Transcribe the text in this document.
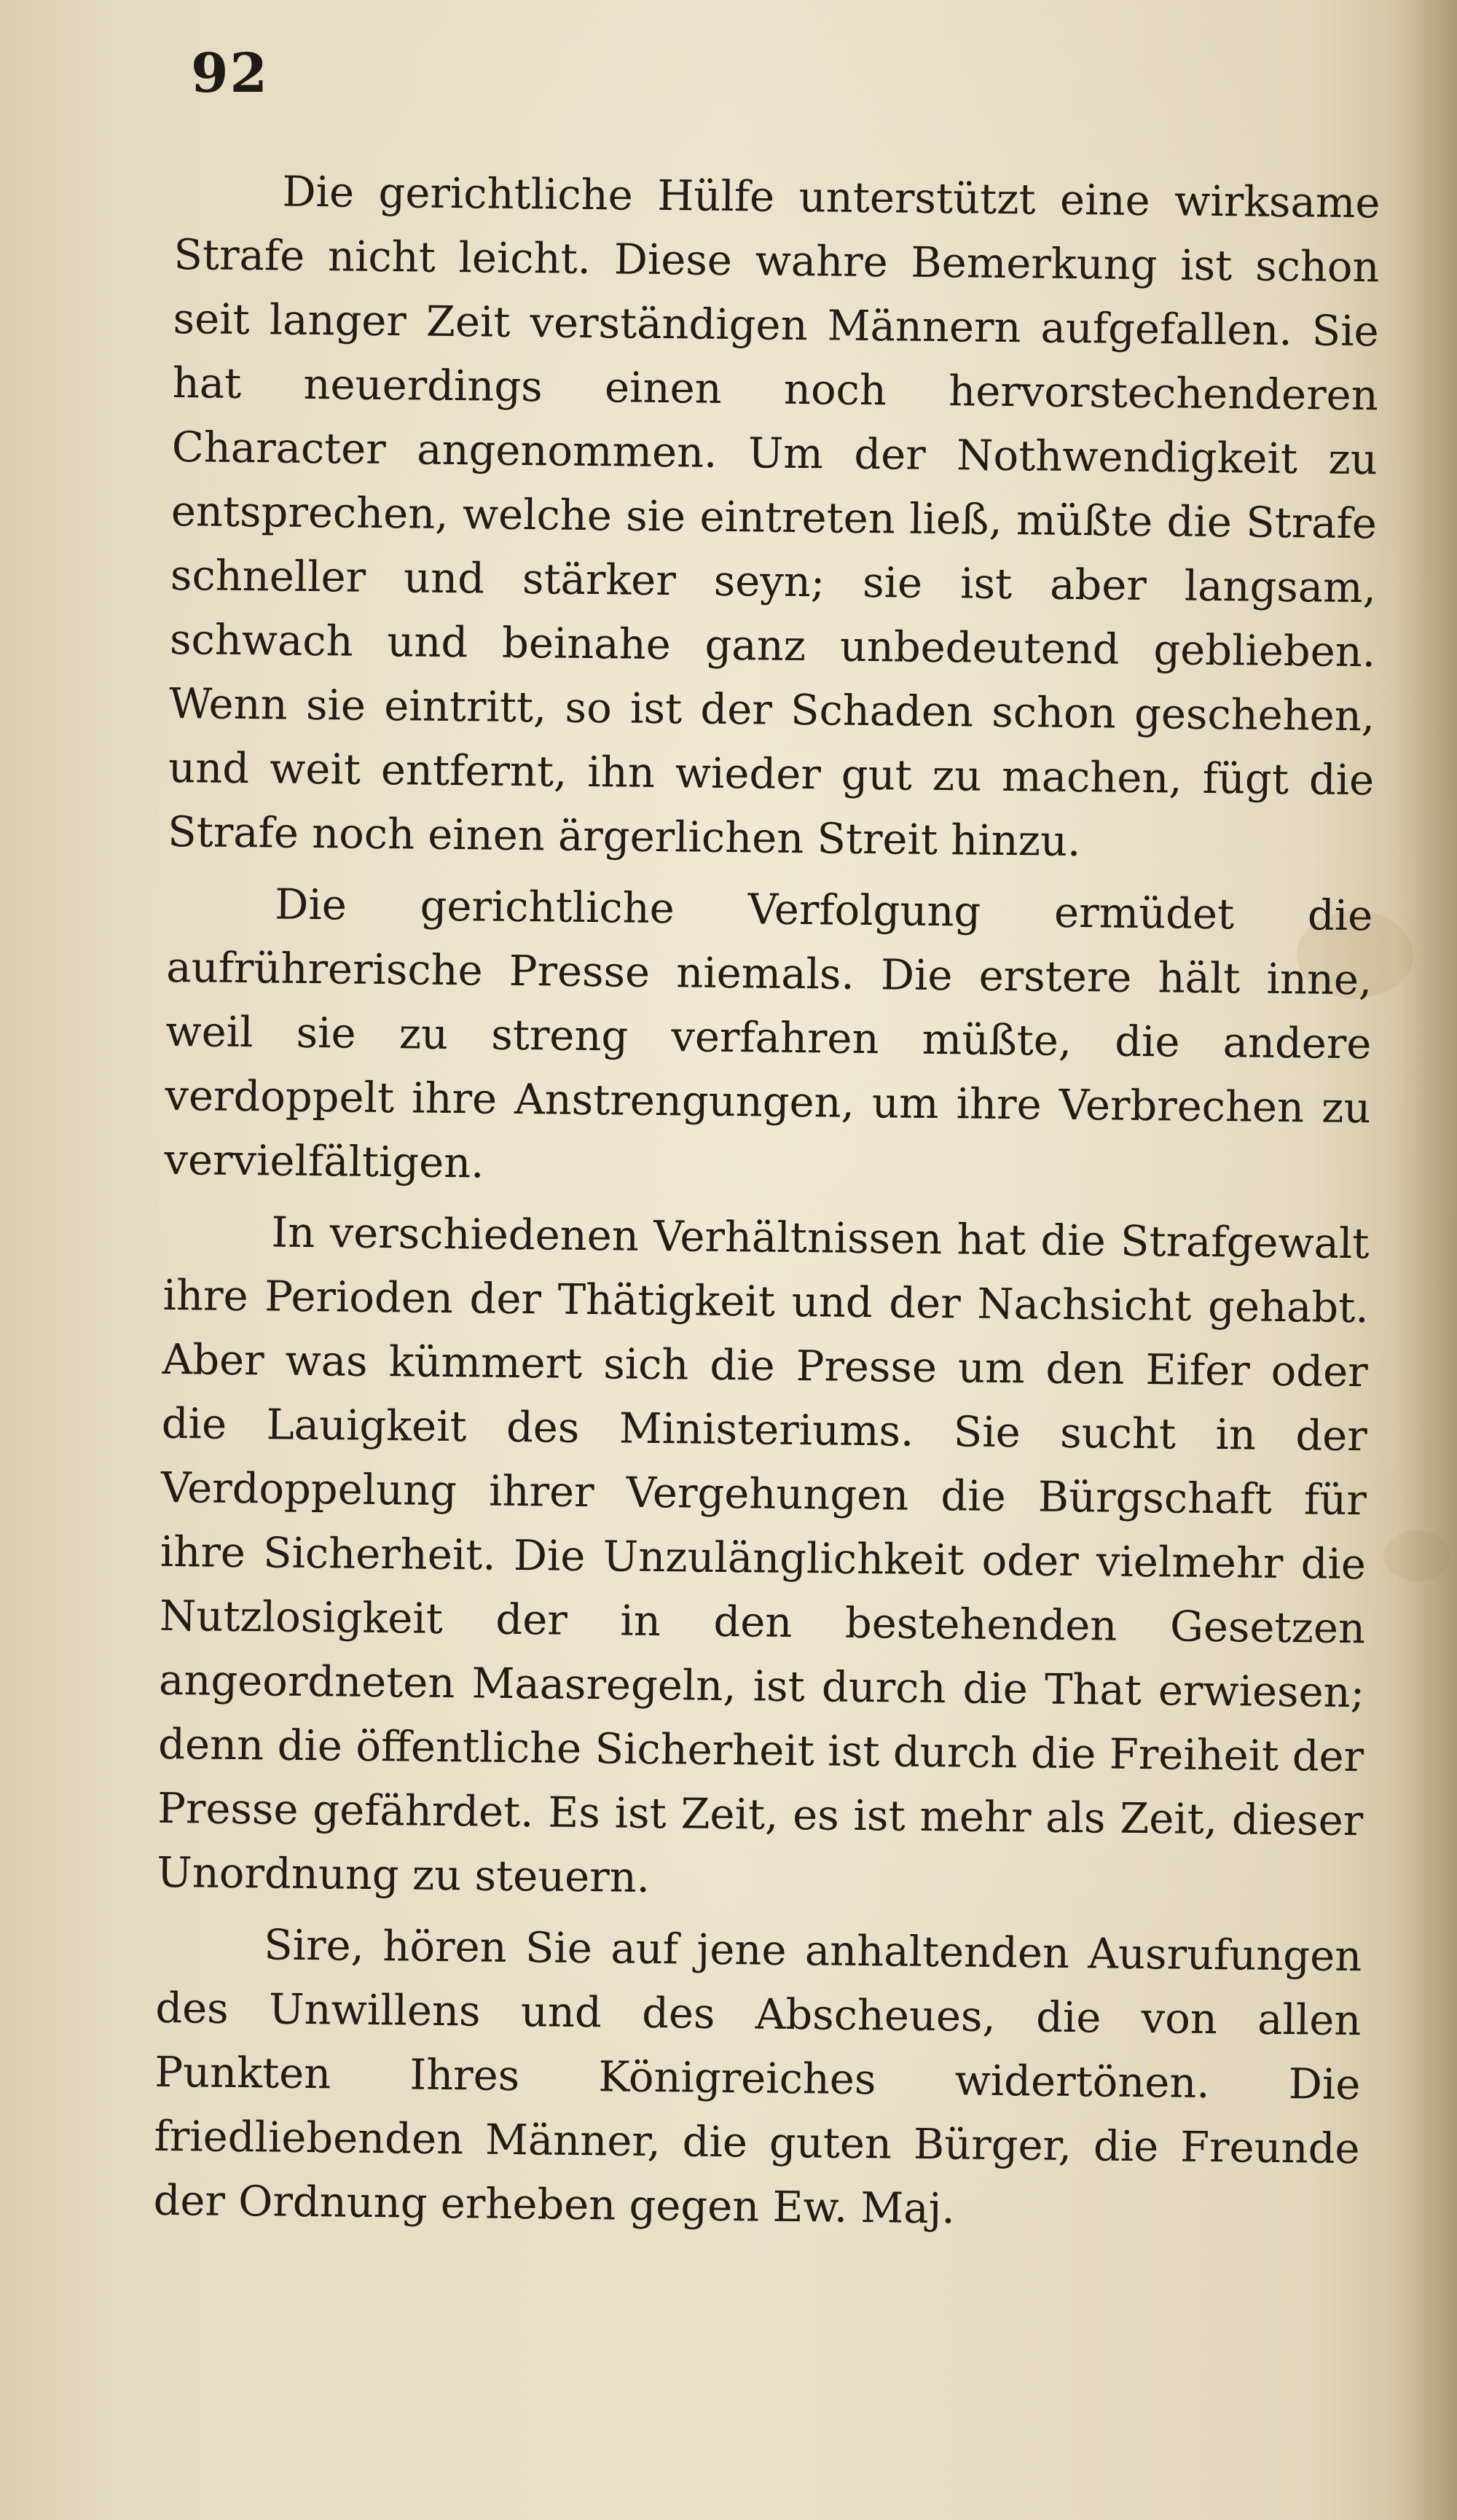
92

Die gerichtliche Hülfe unterstützt eine wirksame Strafe nicht leicht. Diese wahre Bemerkung ist schon seit langer Zeit verständigen Männern aufgefallen. Sie hat neuerdings einen noch hervorstechenderen Character angenommen. Um der Nothwendigkeit zu entsprechen, welche sie eintreten ließ, müßte die Strafe schneller und stärker seyn; sie ist aber langsam, schwach und beinahe ganz unbedeutend geblieben. Wenn sie eintritt, so ist der Schaden schon geschehen, und weit entfernt, ihn wieder gut zu machen, fügt die Strafe noch einen ärgerlichen Streit hinzu.

Die gerichtliche Verfolgung ermüdet die aufrührerische Presse niemals. Die erstere hält inne, weil sie zu streng verfahren müßte, die andere verdoppelt ihre Anstrengungen, um ihre Verbrechen zu vervielfältigen.

In verschiedenen Verhältnissen hat die Strafgewalt ihre Perioden der Thätigkeit und der Nachsicht gehabt. Aber was kümmert sich die Presse um den Eifer oder die Lauigkeit des Ministeriums. Sie sucht in der Verdoppelung ihrer Vergehungen die Bürgschaft für ihre Sicherheit. Die Unzulänglichkeit oder vielmehr die Nutzlosigkeit der in den bestehenden Gesetzen angeordneten Maasregeln, ist durch die That erwiesen; denn die öffentliche Sicherheit ist durch die Freiheit der Presse gefährdet. Es ist Zeit, es ist mehr als Zeit, dieser Unordnung zu steuern.

Sire, hören Sie auf jene anhaltenden Ausrufungen des Unwillens und des Abscheues, die von allen Punkten Ihres Königreiches widertönen. Die friedliebenden Männer, die guten Bürger, die Freunde der Ordnung erheben gegen Ew. Maj.
